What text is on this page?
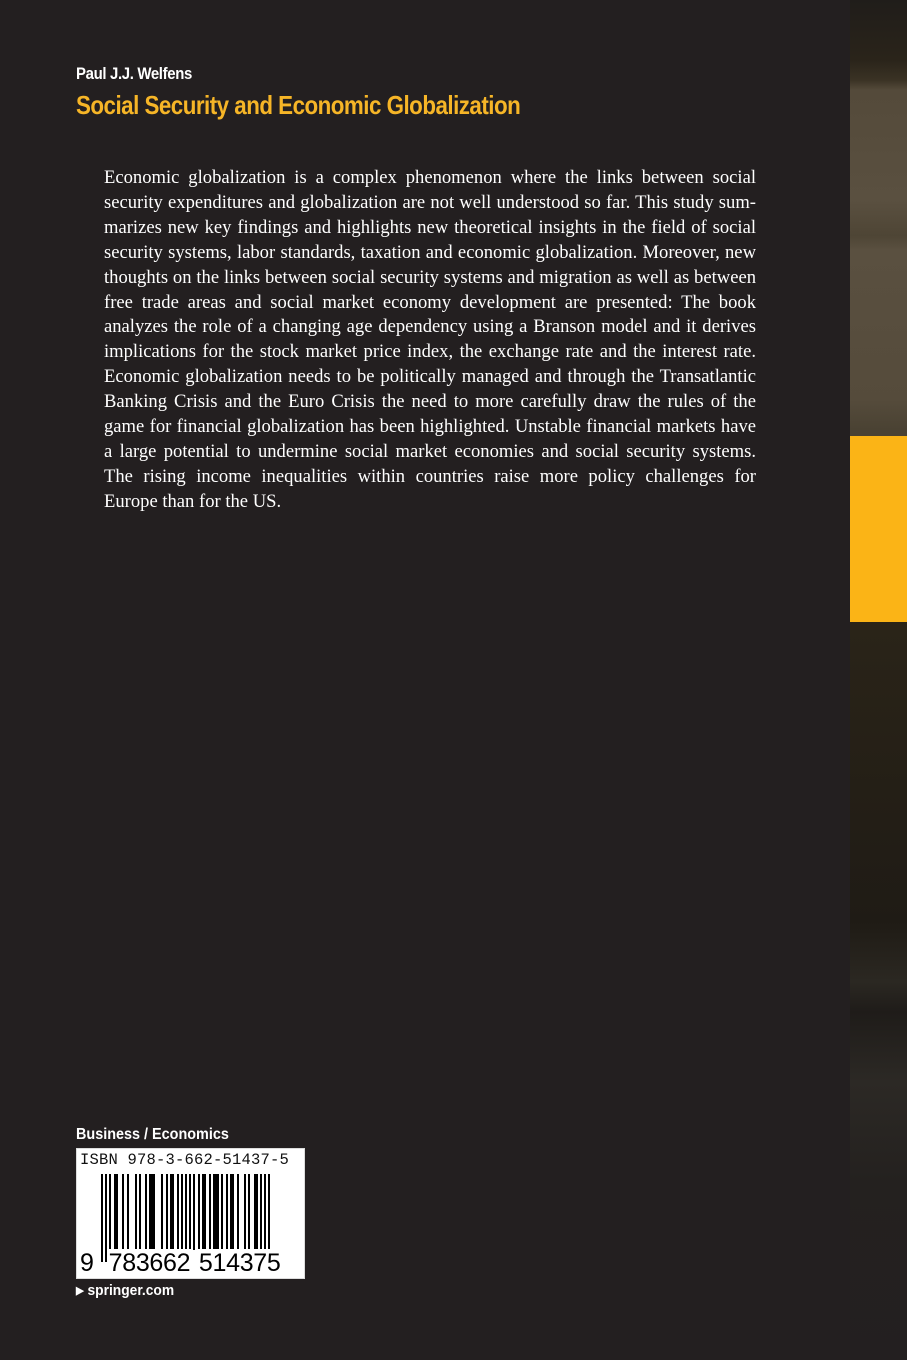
Paul J.J. Welfens
Social Security and Economic Globalization
Economic globalization is a complex phenomenon where the links between social security expenditures and globalization are not well understood so far. This study summarizes new key findings and highlights new theoretical insights in the field of social security systems, labor standards, taxation and economic globalization. Moreover, new thoughts on the links between social security systems and migration as well as between free trade areas and social market economy development are presented: The book analyzes the role of a changing age dependency using a Branson model and it derives implications for the stock market price index, the exchange rate and the interest rate. Economic globalization needs to be politically managed and through the Transatlantic Banking Crisis and the Euro Crisis the need to more carefully draw the rules of the game for financial globalization has been highlighted. Unstable financial markets have a large potential to undermine social market economies and social security systems. The rising income inequalities within countries raise more policy challenges for Europe than for the US.
Business / Economics
ISBN 978-3-662-51437-5
9 783662 514375
▶ springer.com
